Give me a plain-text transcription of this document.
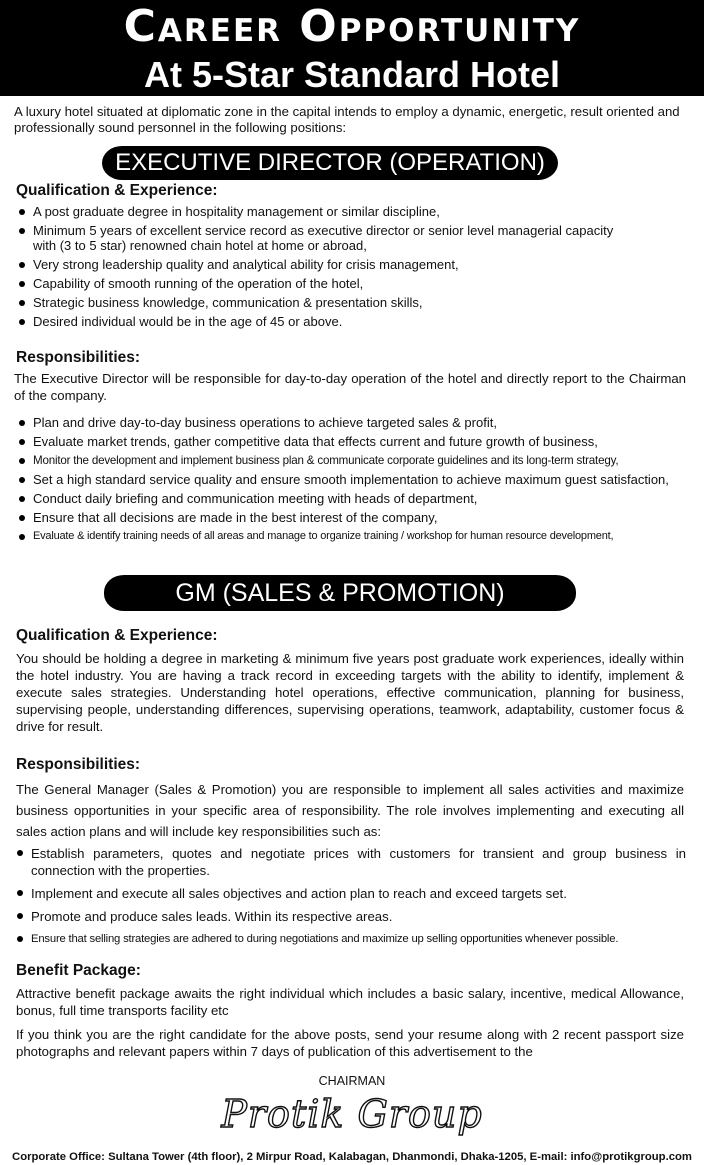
Career Opportunity
At 5-Star Standard Hotel
A luxury hotel situated at diplomatic zone in the capital intends to employ a dynamic, energetic, result oriented and professionally sound personnel in the following positions:
EXECUTIVE DIRECTOR (OPERATION)
Qualification & Experience:
A post graduate degree in hospitality management or similar discipline,
Minimum 5 years of excellent service record as executive director or senior level managerial capacity with (3 to 5 star) renowned chain hotel at home or abroad,
Very strong leadership quality and analytical ability for crisis management,
Capability of smooth running of the operation of the hotel,
Strategic business knowledge, communication & presentation skills,
Desired individual would be in the age of 45 or above.
Responsibilities:
The Executive Director will be responsible for day-to-day operation of the hotel and directly report to the Chairman of the company.
Plan and drive day-to-day business operations to achieve targeted sales & profit,
Evaluate market trends, gather competitive data that effects current and future growth of business,
Monitor the development and implement business plan & communicate corporate guidelines and its long-term strategy,
Set a high standard service quality and ensure smooth implementation to achieve maximum guest satisfaction,
Conduct daily briefing and communication meeting with heads of department,
Ensure that all decisions are made in the best interest of the company,
Evaluate & identify training needs of all areas and manage to organize training / workshop for human resource development,
GM (SALES & PROMOTION)
Qualification & Experience:
You should be holding a degree in marketing & minimum five years post graduate work experiences, ideally within the hotel industry. You are having a track record in exceeding targets with the ability to identify, implement & execute sales strategies. Understanding hotel operations, effective communication, planning for business, supervising people, understanding differences, supervising operations, teamwork, adaptability, customer focus & drive for result.
Responsibilities:
The General Manager (Sales & Promotion) you are responsible to implement all sales activities and maximize business opportunities in your specific area of responsibility. The role involves implementing and executing all sales action plans and will include key responsibilities such as:
Establish parameters, quotes and negotiate prices with customers for transient and group business in connection with the properties.
Implement and execute all sales objectives and action plan to reach and exceed targets set.
Promote and produce sales leads. Within its respective areas.
Ensure that selling strategies are adhered to during negotiations and maximize up selling opportunities whenever possible.
Benefit Package:
Attractive benefit package awaits the right individual which includes a basic salary, incentive, medical Allowance, bonus, full time transports facility etc
If you think you are the right candidate for the above posts, send your resume along with 2 recent passport size photographs and relevant papers within 7 days of publication of this advertisement to the
CHAIRMAN
Protik Group
Corporate Office: Sultana Tower (4th floor), 2 Mirpur Road, Kalabagan, Dhanmondi, Dhaka-1205, E-mail: info@protikgroup.com
